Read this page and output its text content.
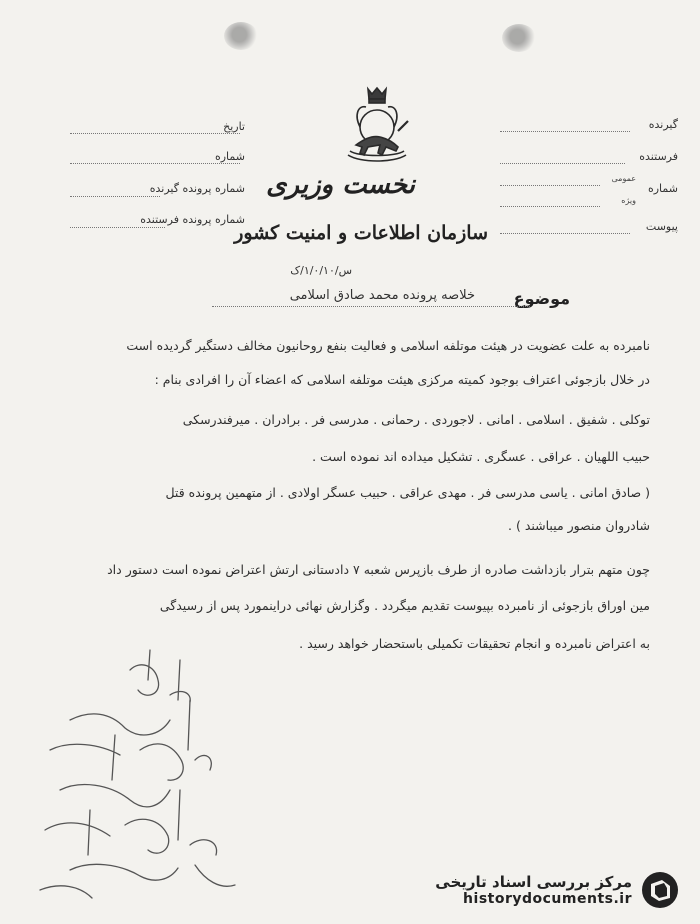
تاریخ
شماره
شماره پرونده گیرنده
شماره پرونده فرستنده
نخست وزیری
سازمان اطلاعات و امنیت کشور
س/۱/۰/۱۰/ک
گیرنده
فرستنده
شماره
عمومی
ویژه
پیوست
موضوع
خلاصه پرونده محمد صادق اسلامی
نامبرده به علت عضویت در هیئت موتلفه اسلامی و فعالیت بنفع روحانیون مخالف دستگیر گردیده است
در خلال بازجوئی اعتراف بوجود کمیته مرکزی هیئت موتلفه اسلامی که اعضاء آن را افرادی بنام :
توکلی . شفیق . اسلامی . امانی . لاجوردی . رحمانی . مدرسی فر . برادران . میرفندرسکی
حبیب اللهیان . عراقی . عسگری . تشکیل میداده اند نموده است .
( صادق امانی . یاسی مدرسی فر . مهدی عراقی . حبیب عسگر اولادی . از متهمین پرونده قتل
شادروان منصور میباشند ) .
چون متهم بترار بازداشت صادره از طرف بازپرس شعبه ۷ دادستانی ارتش اعتراض نموده است دستور داد
مین اوراق بازجوئی از نامبرده بپیوست تقدیم میگردد . وگزارش نهائی دراینمورد پس از رسیدگی
به اعتراض نامبرده و انجام تحقیقات تکمیلی باستحضار خواهد رسید .
مرکز بررسی اسناد تاریخی
historydocuments.ir
